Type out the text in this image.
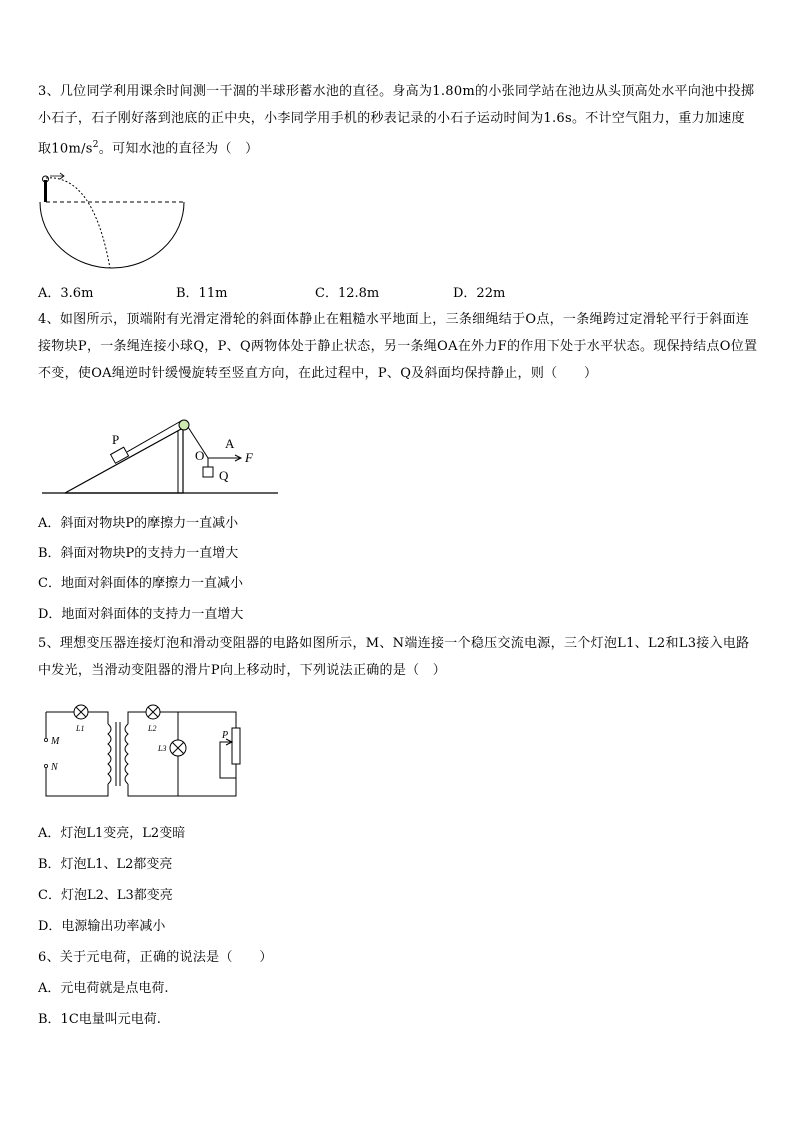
3、几位同学利用课余时间测一干涸的半球形蓄水池的直径。身高为1.80m的小张同学站在池边从头顶高处水平向池中投掷小石子，石子刚好落到池底的正中央，小李同学用手机的秒表记录的小石子运动时间为1.6s。不计空气阻力，重力加速度取$10m/s^2$。可知水池的直径为（　）
A．3.6m	B．11m	C．12.8m	D．22m
4、如图所示，顶端附有光滑定滑轮的斜面体静止在粗糙水平地面上，三条细绳结于O点，一条绳跨过定滑轮平行于斜面连接物块P，一条绳连接小球Q，P、Q两物体处于静止状态，另一条绳OA在外力F的作用下处于水平状态。现保持结点O位置不变，使OA绳逆时针缓慢旋转至竖直方向，在此过程中，P、Q及斜面均保持静止，则（　　）
P
O
A
F
Q
A．斜面对物块P的摩擦力一直减小
B．斜面对物块P的支持力一直增大
C．地面对斜面体的摩擦力一直减小
D．地面对斜面体的支持力一直增大
5、理想变压器连接灯泡和滑动变阻器的电路如图所示，M、N端连接一个稳压交流电源，三个灯泡L1、L2和L3接入电路中发光，当滑动变阻器的滑片P向上移动时，下列说法正确的是（　）
M
N
L1	L2
L3
P
A．灯泡L1变亮，L2变暗
B．灯泡L1、L2都变亮
C．灯泡L2、L3都变亮
D．电源输出功率减小
6、关于元电荷，正确的说法是（　　）
A．元电荷就是点电荷.
B．1C电量叫元电荷.
